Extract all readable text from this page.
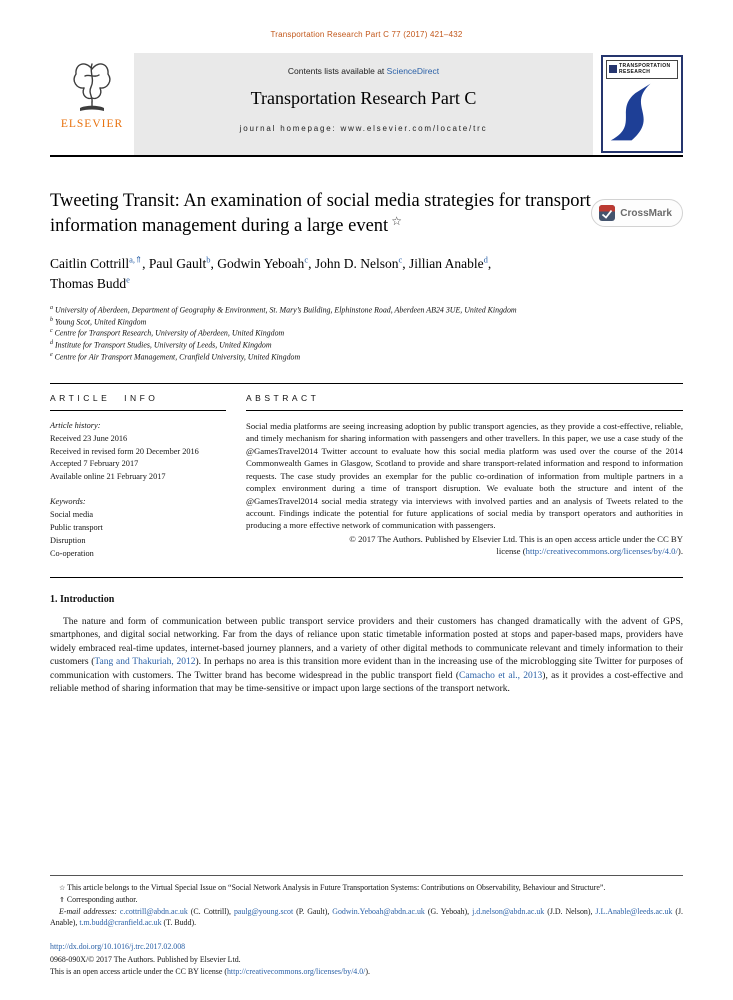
Transportation Research Part C 77 (2017) 421–432
ELSEVIER
Contents lists available at ScienceDirect
Transportation Research Part C
journal homepage: www.elsevier.com/locate/trc
TRANSPORTATION
RESEARCH
Tweeting Transit: An examination of social media strategies for transport information management during a large event ☆
CrossMark
Caitlin Cottrill$^{a,⇑}$, Paul Gault$^b$, Godwin Yeboah$^c$, John D. Nelson$^c$, Jillian Anable$^d$,
Thomas Budd$^e$
$^a$ University of Aberdeen, Department of Geography & Environment, St. Mary’s Building, Elphinstone Road, Aberdeen AB24 3UE, United Kingdom
$^b$ Young Scot, United Kingdom
$^c$ Centre for Transport Research, University of Aberdeen, United Kingdom
$^d$ Institute for Transport Studies, University of Leeds, United Kingdom
$^e$ Centre for Air Transport Management, Cranfield University, United Kingdom
ARTICLE INFO
Article history:
Received 23 June 2016
Received in revised form 20 December 2016
Accepted 7 February 2017
Available online 21 February 2017
Keywords:
Social media
Public transport
Disruption
Co-operation
ABSTRACT

Social media platforms are seeing increasing adoption by public transport agencies, as they provide a cost-effective, reliable, and timely mechanism for sharing information with passengers and other travellers. In this paper, we use a case study of the @GamesTravel2014 Twitter account to evaluate how this social media platform was used over the course of the 2014 Commonwealth Games in Glasgow, Scotland to provide and share transport-related information and respond to information requests. The case study provides an exemplar for the public co-ordination of information from multiple partners in a complex environment during a time of transport disruption. We evaluate both the structure and intent of the @GamesTravel2014 social media strategy via interviews with involved parties and an analysis of Tweets related to the account. Findings indicate the potential for future applications of social media by transport operators and authorities in producing a more effective network of communication with passengers.

© 2017 The Authors. Published by Elsevier Ltd. This is an open access article under the CC BY
license (http://creativecommons.org/licenses/by/4.0/).
1. Introduction

The nature and form of communication between public transport service providers and their customers has changed dramatically with the advent of GPS, smartphones, and digital social networking. Far from the days of reliance upon static timetable information posted at stops and paper-based maps, providers have widely embraced real-time updates, internet-based journey planners, and a variety of other digital methods to communicate relevant and timely information to their customers (Tang and Thakuriah, 2012). In perhaps no area is this transition more evident than in the increasing use of the microblogging site Twitter for purposes of communication with customers. The Twitter brand has become widespread in the public transport field (Camacho et al., 2013), as it provides a cost-effective and reliable method of sharing information that may be time-sensitive or impact upon large sections of the transport network.

☆ This article belongs to the Virtual Special Issue on “Social Network Analysis in Future Transportation Systems: Contributions on Observability, Behaviour and Structure”.

⇑ Corresponding author.

E-mail addresses: c.cottrill@abdn.ac.uk (C. Cottrill), paulg@young.scot (P. Gault), Godwin.Yeboah@abdn.ac.uk (G. Yeboah), j.d.nelson@abdn.ac.uk (J.D. Nelson), J.L.Anable@leeds.ac.uk (J. Anable), t.m.budd@cranfield.ac.uk (T. Budd).

http://dx.doi.org/10.1016/j.trc.2017.02.008
0968-090X/© 2017 The Authors. Published by Elsevier Ltd.
This is an open access article under the CC BY license (http://creativecommons.org/licenses/by/4.0/).
